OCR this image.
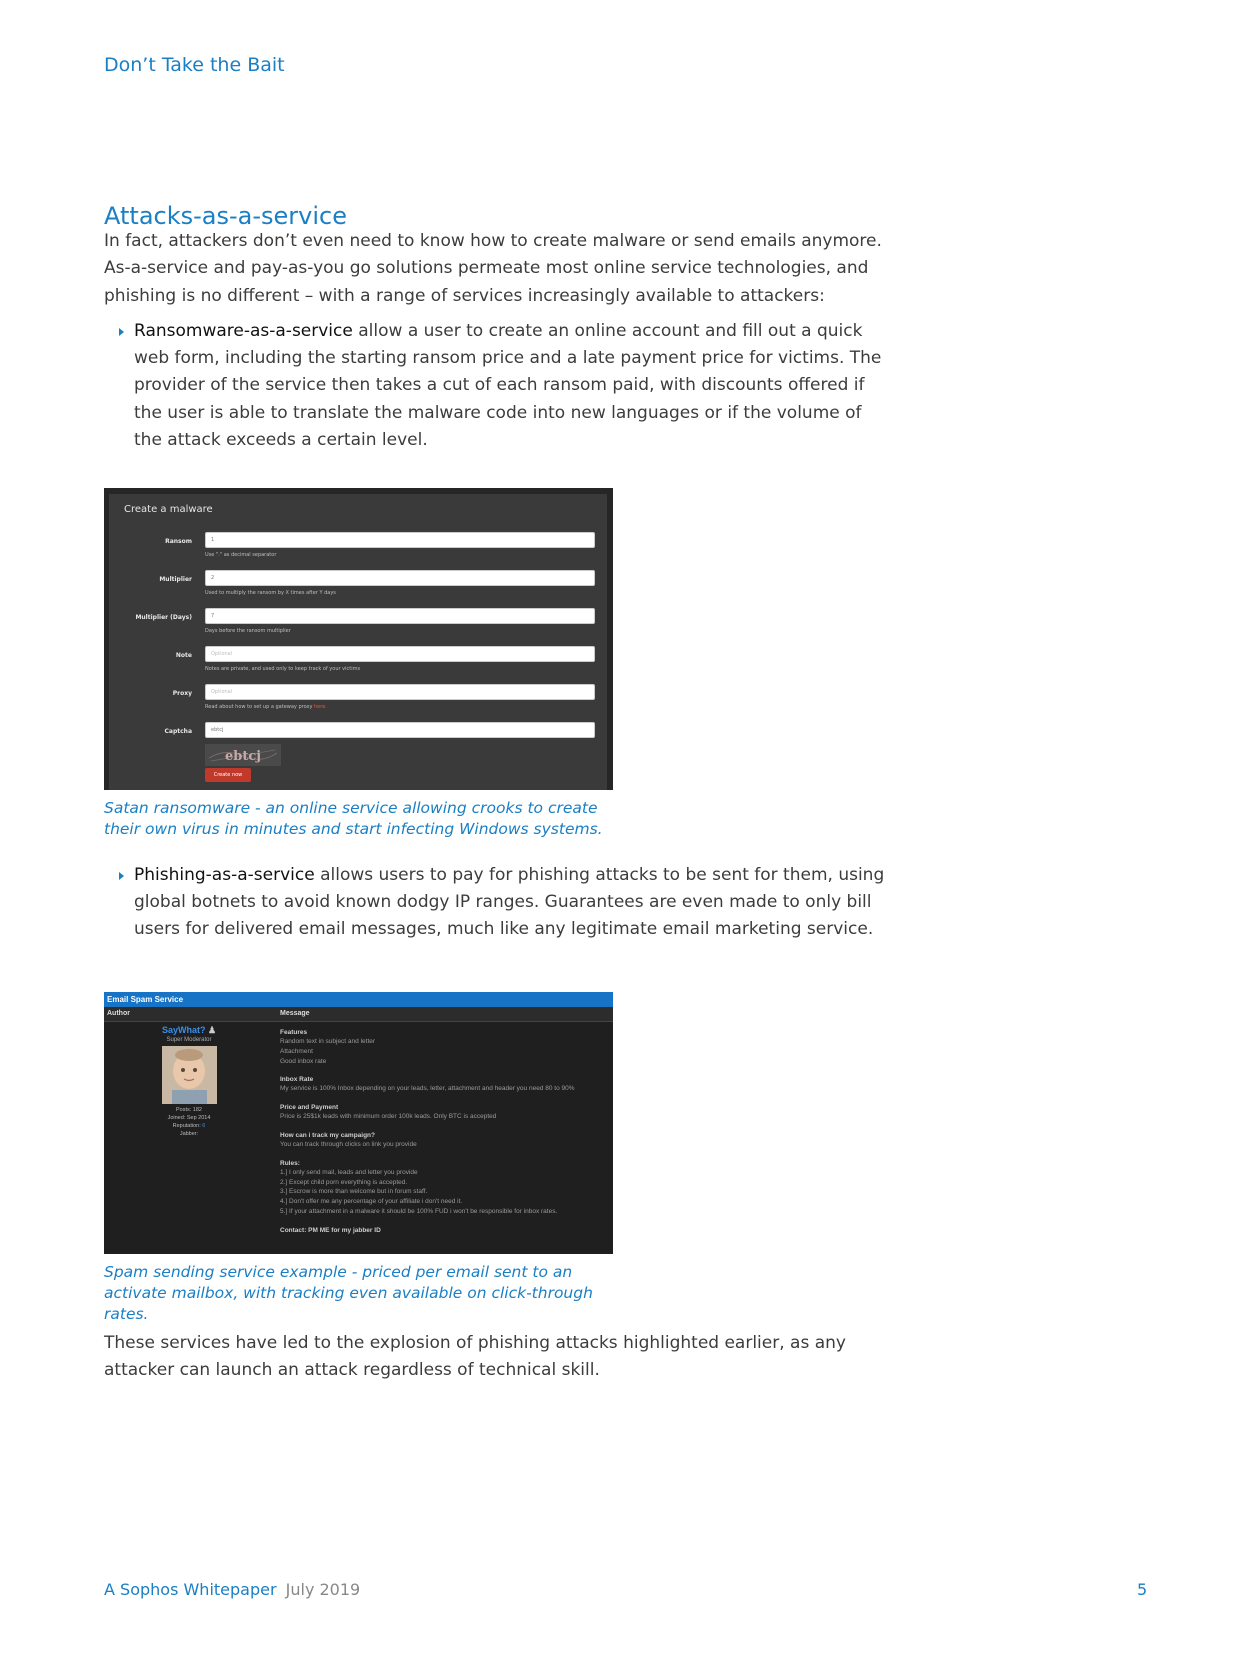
Don’t Take the Bait
Attacks-as-a-service

In fact, attackers don’t even need to know how to create malware or send emails anymore. As-a-service and pay-as-you go solutions permeate most online service technologies, and phishing is no different – with a range of services increasingly available to attackers:

Ransomware-as-a-service allow a user to create an online account and fill out a quick web form, including the starting ransom price and a late payment price for victims. The provider of the service then takes a cut of each ransom paid, with discounts offered if the user is able to translate the malware code into new languages or if the volume of the attack exceeds a certain level.

Create a malware
Ransom	1
Use "." as decimal separator
Multiplier	2
Used to multiply the ransom by X times after Y days
Multiplier (Days)	7
Days before the ransom multiplier
Note	Optional
Notes are private, and used only to keep track of your victims
Proxy	Optional
Read about how to set up a gateway proxy here.
Captcha	ebtcj
ebtcj
Create now

Satan ransomware - an online service allowing crooks to create their own virus in minutes and start infecting Windows systems.

Phishing-as-a-service allows users to pay for phishing attacks to be sent for them, using global botnets to avoid known dodgy IP ranges. Guarantees are even made to only bill users for delivered email messages, much like any legitimate email marketing service.

Email Spam Service
Author	Message
SayWhat? ♟
Super Moderator
Posts: 182
Joined: Sep 2014
Reputation: 6
Jabber:
Features
Random text in subject and letter
Attachment
Good inbox rate
Inbox Rate
My service is 100% Inbox depending on your leads, letter, attachment and header you need 80 to 90%
Price and Payment
Price is 25$1k leads with minimum order 100k leads. Only BTC is accepted
How can i track my campaign?
You can track through clicks on link you provide
Rules:
1.] I only send mail, leads and letter you provide
2.] Except child porn everything is accepted.
3.] Escrow is more than welcome but in forum staff.
4.] Don't offer me any percentage of your affiliate i don't need it.
5.] If your attachment in a malware it should be 100% FUD i won't be responsible for inbox rates.
Contact: PM ME for my jabber ID

Spam sending service example - priced per email sent to an activate mailbox, with tracking even available on click-through rates.

These services have led to the explosion of phishing attacks highlighted earlier, as any attacker can launch an attack regardless of technical skill.

A Sophos Whitepaper July 2019	5
